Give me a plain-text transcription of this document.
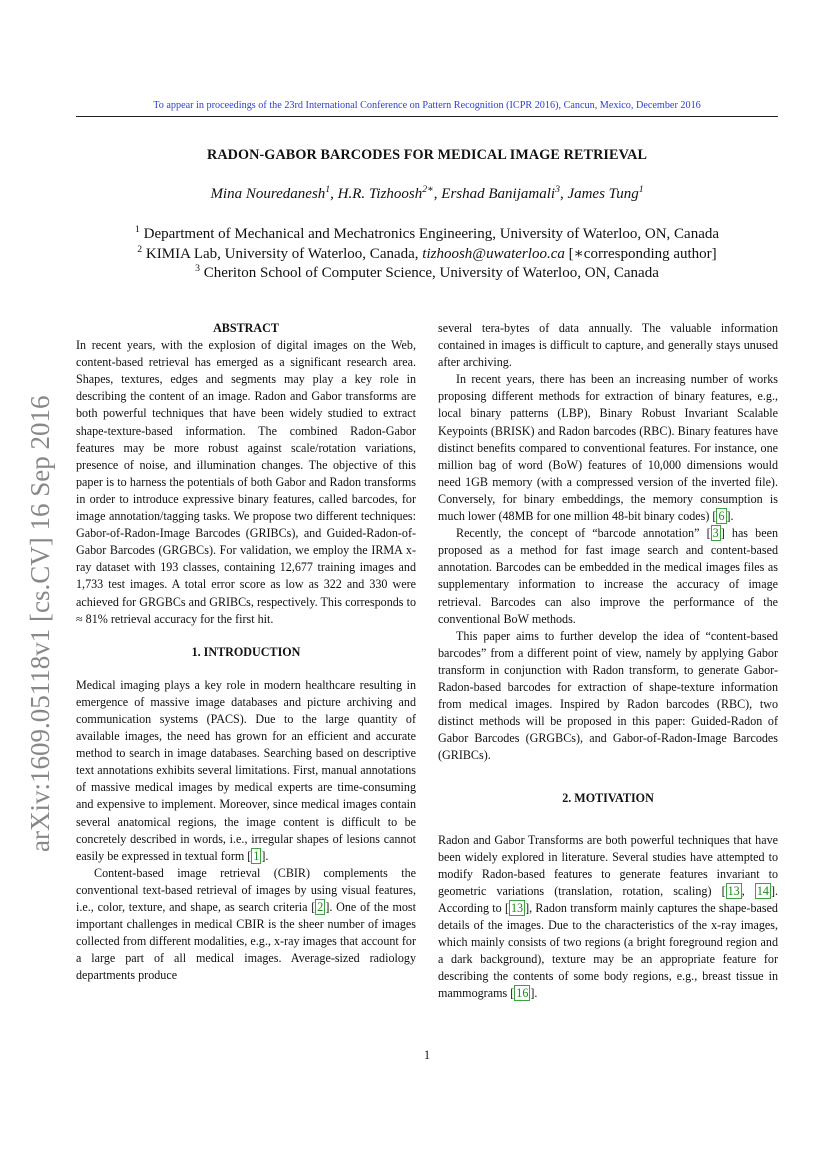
To appear in proceedings of the 23rd International Conference on Pattern Recognition (ICPR 2016), Cancun, Mexico, December 2016
RADON-GABOR BARCODES FOR MEDICAL IMAGE RETRIEVAL
Mina Nouredanesh$^1$, H.R. Tizhoosh$^{2∗}$, Ershad Banijamali$^3$, James Tung$^1$
$^1$ Department of Mechanical and Mechatronics Engineering, University of Waterloo, ON, Canada
$^2$ KIMIA Lab, University of Waterloo, Canada, tizhoosh@uwaterloo.ca [∗corresponding author]
$^3$ Cheriton School of Computer Science, University of Waterloo, ON, Canada
arXiv:1609.05118v1 [cs.CV] 16 Sep 2016
ABSTRACT

In recent years, with the explosion of digital images on the Web, content-based retrieval has emerged as a significant research area. Shapes, textures, edges and segments may play a key role in describing the content of an image. Radon and Gabor transforms are both powerful techniques that have been widely studied to extract shape-texture-based information. The combined Radon-Gabor features may be more robust against scale/rotation variations, presence of noise, and illumination changes. The objective of this paper is to harness the potentials of both Gabor and Radon transforms in order to introduce expressive binary features, called barcodes, for image annotation/tagging tasks. We propose two different techniques: Gabor-of-Radon-Image Barcodes (GRIBCs), and Guided-Radon-of-Gabor Barcodes (GRGBCs). For validation, we employ the IRMA x-ray dataset with 193 classes, containing 12,677 training images and 1,733 test images. A total error score as low as 322 and 330 were achieved for GRGBCs and GRIBCs, respectively. This corresponds to ≈ 81% retrieval accuracy for the first hit.

1. INTRODUCTION

Medical imaging plays a key role in modern healthcare resulting in emergence of massive image databases and picture archiving and communication systems (PACS). Due to the large quantity of available images, the need has grown for an efficient and accurate method to search in image databases. Searching based on descriptive text annotations exhibits several limitations. First, manual annotations of massive medical images by medical experts are time-consuming and expensive to implement. Moreover, since medical images contain several anatomical regions, the image content is difficult to be concretely described in words, i.e., irregular shapes of lesions cannot easily be expressed in textual form [ 1 ].

Content-based image retrieval (CBIR) complements the conventional text-based retrieval of images by using visual features, i.e., color, texture, and shape, as search criteria [ 2 ]. One of the most important challenges in medical CBIR is the sheer number of images collected from different modalities, e.g., x-ray images that account for a large part of all medical images. Average-sized radiology departments produce

several tera-bytes of data annually. The valuable information contained in images is difficult to capture, and generally stays unused after archiving.

In recent years, there has been an increasing number of works proposing different methods for extraction of binary features, e.g., local binary patterns (LBP), Binary Robust Invariant Scalable Keypoints (BRISK) and Radon barcodes (RBC). Binary features have distinct benefits compared to conventional features. For instance, one million bag of word (BoW) features of 10,000 dimensions would need 1GB memory (with a compressed version of the inverted file). Conversely, for binary embeddings, the memory consumption is much lower (48MB for one million 48-bit binary codes) [ 6 ].

Recently, the concept of “barcode annotation” [ 3 ] has been proposed as a method for fast image search and content-based annotation. Barcodes can be embedded in the medical images files as supplementary information to increase the accuracy of image retrieval. Barcodes can also improve the performance of the conventional BoW methods.

This paper aims to further develop the idea of “content-based barcodes” from a different point of view, namely by applying Gabor transform in conjunction with Radon transform, to generate Gabor-Radon-based barcodes for extraction of shape-texture information from medical images. Inspired by Radon barcodes (RBC), two distinct methods will be proposed in this paper: Guided-Radon of Gabor Barcodes (GRGBCs), and Gabor-of-Radon-Image Barcodes (GRIBCs).

2. MOTIVATION

Radon and Gabor Transforms are both powerful techniques that have been widely explored in literature. Several studies have attempted to modify Radon-based features to generate features invariant to geometric variations (translation, rotation, scaling) [ 13 , 14 ]. According to [ 13 ], Radon transform mainly captures the shape-based details of the images. Due to the characteristics of the x-ray images, which mainly consists of two regions (a bright foreground region and a dark background), texture may be an appropriate feature for describing the contents of some body regions, e.g., breast tissue in mammograms [ 16 ].

1
